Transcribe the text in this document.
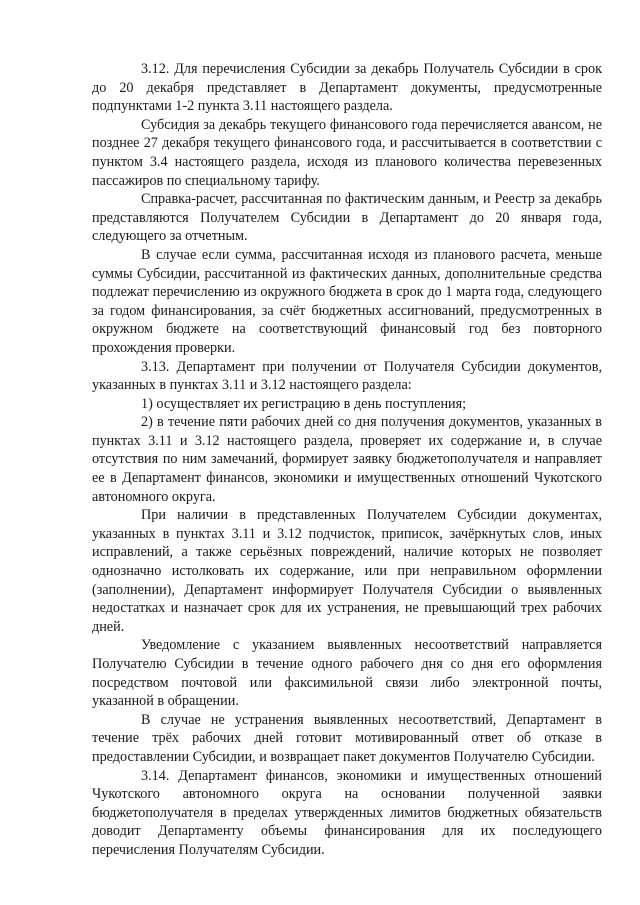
3.12. Для перечисления Субсидии за декабрь Получатель Субсидии в срок до 20 декабря представляет в Департамент документы, предусмотренные подпунктами 1-2 пункта 3.11 настоящего раздела.

Субсидия за декабрь текущего финансового года перечисляется авансом, не позднее 27 декабря текущего финансового года, и рассчитывается в соответствии с пунктом 3.4 настоящего раздела, исходя из планового количества перевезенных пассажиров по специальному тарифу.

Справка-расчет, рассчитанная по фактическим данным, и Реестр за декабрь представляются Получателем Субсидии в Департамент до 20 января года, следующего за отчетным.

В случае если сумма, рассчитанная исходя из планового расчета, меньше суммы Субсидии, рассчитанной из фактических данных, дополнительные средства подлежат перечислению из окружного бюджета в срок до 1 марта года, следующего за годом финансирования, за счёт бюджетных ассигнований, предусмотренных в окружном бюджете на соответствующий финансовый год без повторного прохождения проверки.

3.13. Департамент при получении от Получателя Субсидии документов, указанных в пунктах 3.11 и 3.12 настоящего раздела:

1) осуществляет их регистрацию в день поступления;

2) в течение пяти рабочих дней со дня получения документов, указанных в пунктах 3.11 и 3.12 настоящего раздела, проверяет их содержание и, в случае отсутствия по ним замечаний, формирует заявку бюджетополучателя и направляет ее в Департамент финансов, экономики и имущественных отношений Чукотского автономного округа.

При наличии в представленных Получателем Субсидии документах, указанных в пунктах 3.11 и 3.12 подчисток, приписок, зачёркнутых слов, иных исправлений, а также серьёзных повреждений, наличие которых не позволяет однозначно истолковать их содержание, или при неправильном оформлении (заполнении), Департамент информирует Получателя Субсидии о выявленных недостатках и назначает срок для их устранения, не превышающий трех рабочих дней.

Уведомление с указанием выявленных несоответствий направляется Получателю Субсидии в течение одного рабочего дня со дня его оформления посредством почтовой или факсимильной связи либо электронной почты, указанной в обращении.

В случае не устранения выявленных несоответствий, Департамент в течение трёх рабочих дней готовит мотивированный ответ об отказе в предоставлении Субсидии, и возвращает пакет документов Получателю Субсидии.

3.14. Департамент финансов, экономики и имущественных отношений Чукотского автономного округа на основании полученной заявки бюджетополучателя в пределах утвержденных лимитов бюджетных обязательств доводит Департаменту объемы финансирования для их последующего перечисления Получателям Субсидии.
